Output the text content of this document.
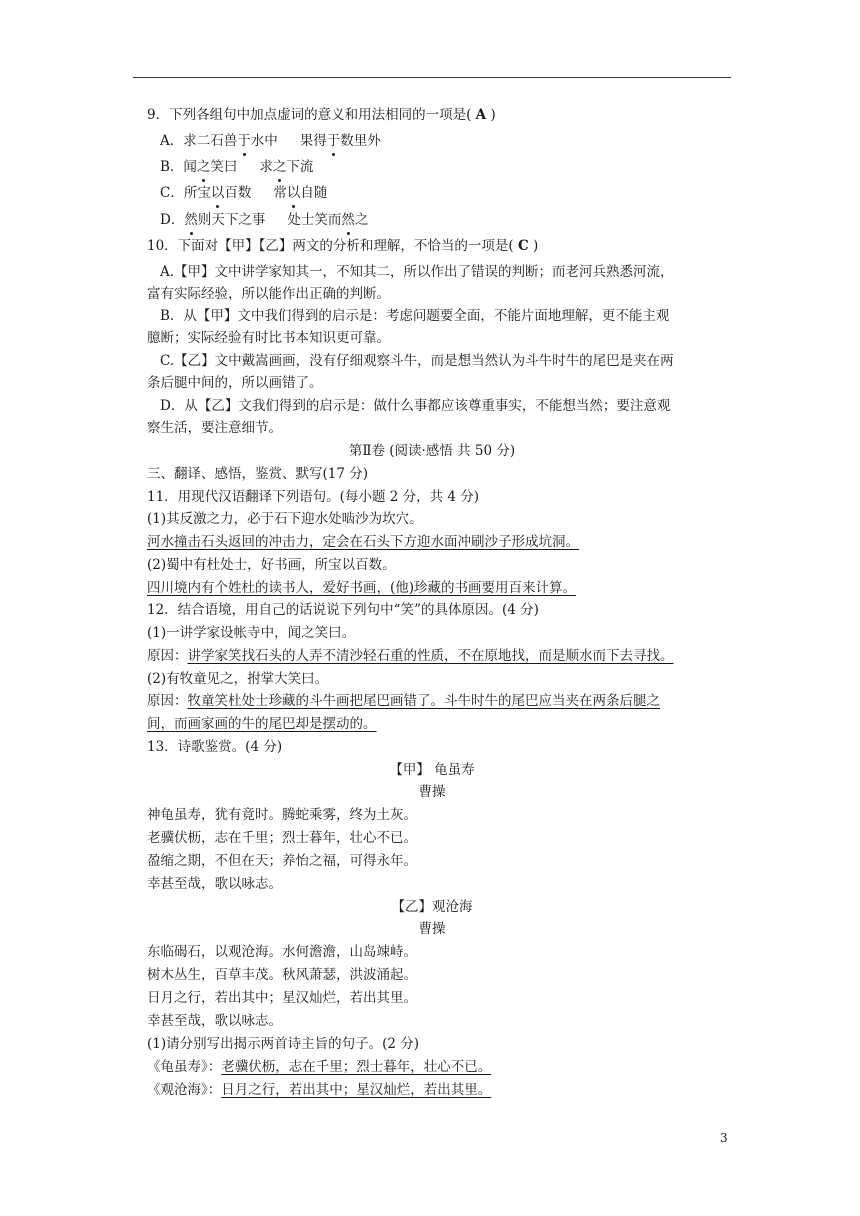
9．下列各组句中加点虚词的意义和用法相同的一项是( A )
A．求二石兽于水中 果得于数里外
B．闻之笑曰 求之下流
C．所宝以百数 常以自随
D．然则天下之事 处士笑而然之
10．下面对【甲】【乙】两文的分析和理解，不恰当的一项是( C )
A.【甲】文中讲学家知其一，不知其二，所以作出了错误的判断；而老河兵熟悉河流，
富有实际经验，所以能作出正确的判断。
B．从【甲】文中我们得到的启示是：考虑问题要全面，不能片面地理解，更不能主观
臆断；实际经验有时比书本知识更可靠。
C.【乙】文中戴嵩画画，没有仔细观察斗牛，而是想当然认为斗牛时牛的尾巴是夹在两
条后腿中间的，所以画错了。
D．从【乙】文我们得到的启示是：做什么事都应该尊重事实，不能想当然；要注意观
察生活，要注意细节。
第Ⅱ卷 (阅读·感悟 共 50 分)
三、翻译、感悟，鉴赏、默写(17 分)
11．用现代汉语翻译下列语句。(每小题 2 分，共 4 分)
(1)其反激之力，必于石下迎水处啮沙为坎穴。
河水撞击石头返回的冲击力，定会在石头下方迎水面冲刷沙子形成坑洞。
(2)蜀中有杜处士，好书画，所宝以百数。
四川境内有个姓杜的读书人，爱好书画，(他)珍藏的书画要用百来计算。
12．结合语境，用自己的话说说下列句中“笑”的具体原因。(4 分)
(1)一讲学家设帐寺中，闻之笑曰。
原因：讲学家笑找石头的人弄不清沙轻石重的性质，不在原地找，而是顺水而下去寻找。
(2)有牧童见之，拊掌大笑曰。
原因：牧童笑杜处士珍藏的斗牛画把尾巴画错了。斗牛时牛的尾巴应当夹在两条后腿之
间，而画家画的牛的尾巴却是摆动的。
13．诗歌鉴赏。(4 分)
【甲】 龟虽寿
曹操
神龟虽寿，犹有竟时。腾蛇乘雾，终为土灰。
老骥伏枥，志在千里；烈士暮年，壮心不已。
盈缩之期，不但在天；养怡之福，可得永年。
幸甚至哉，歌以咏志。
【乙】观沧海
曹操
东临碣石，以观沧海。水何澹澹，山岛竦峙。
树木丛生，百草丰茂。秋风萧瑟，洪波涌起。
日月之行，若出其中；星汉灿烂，若出其里。
幸甚至哉，歌以咏志。
(1)请分别写出揭示两首诗主旨的句子。(2 分)
《龟虽寿》：老骥伏枥，志在千里；烈士暮年，壮心不已。
《观沧海》：日月之行，若出其中；星汉灿烂，若出其里。
3
